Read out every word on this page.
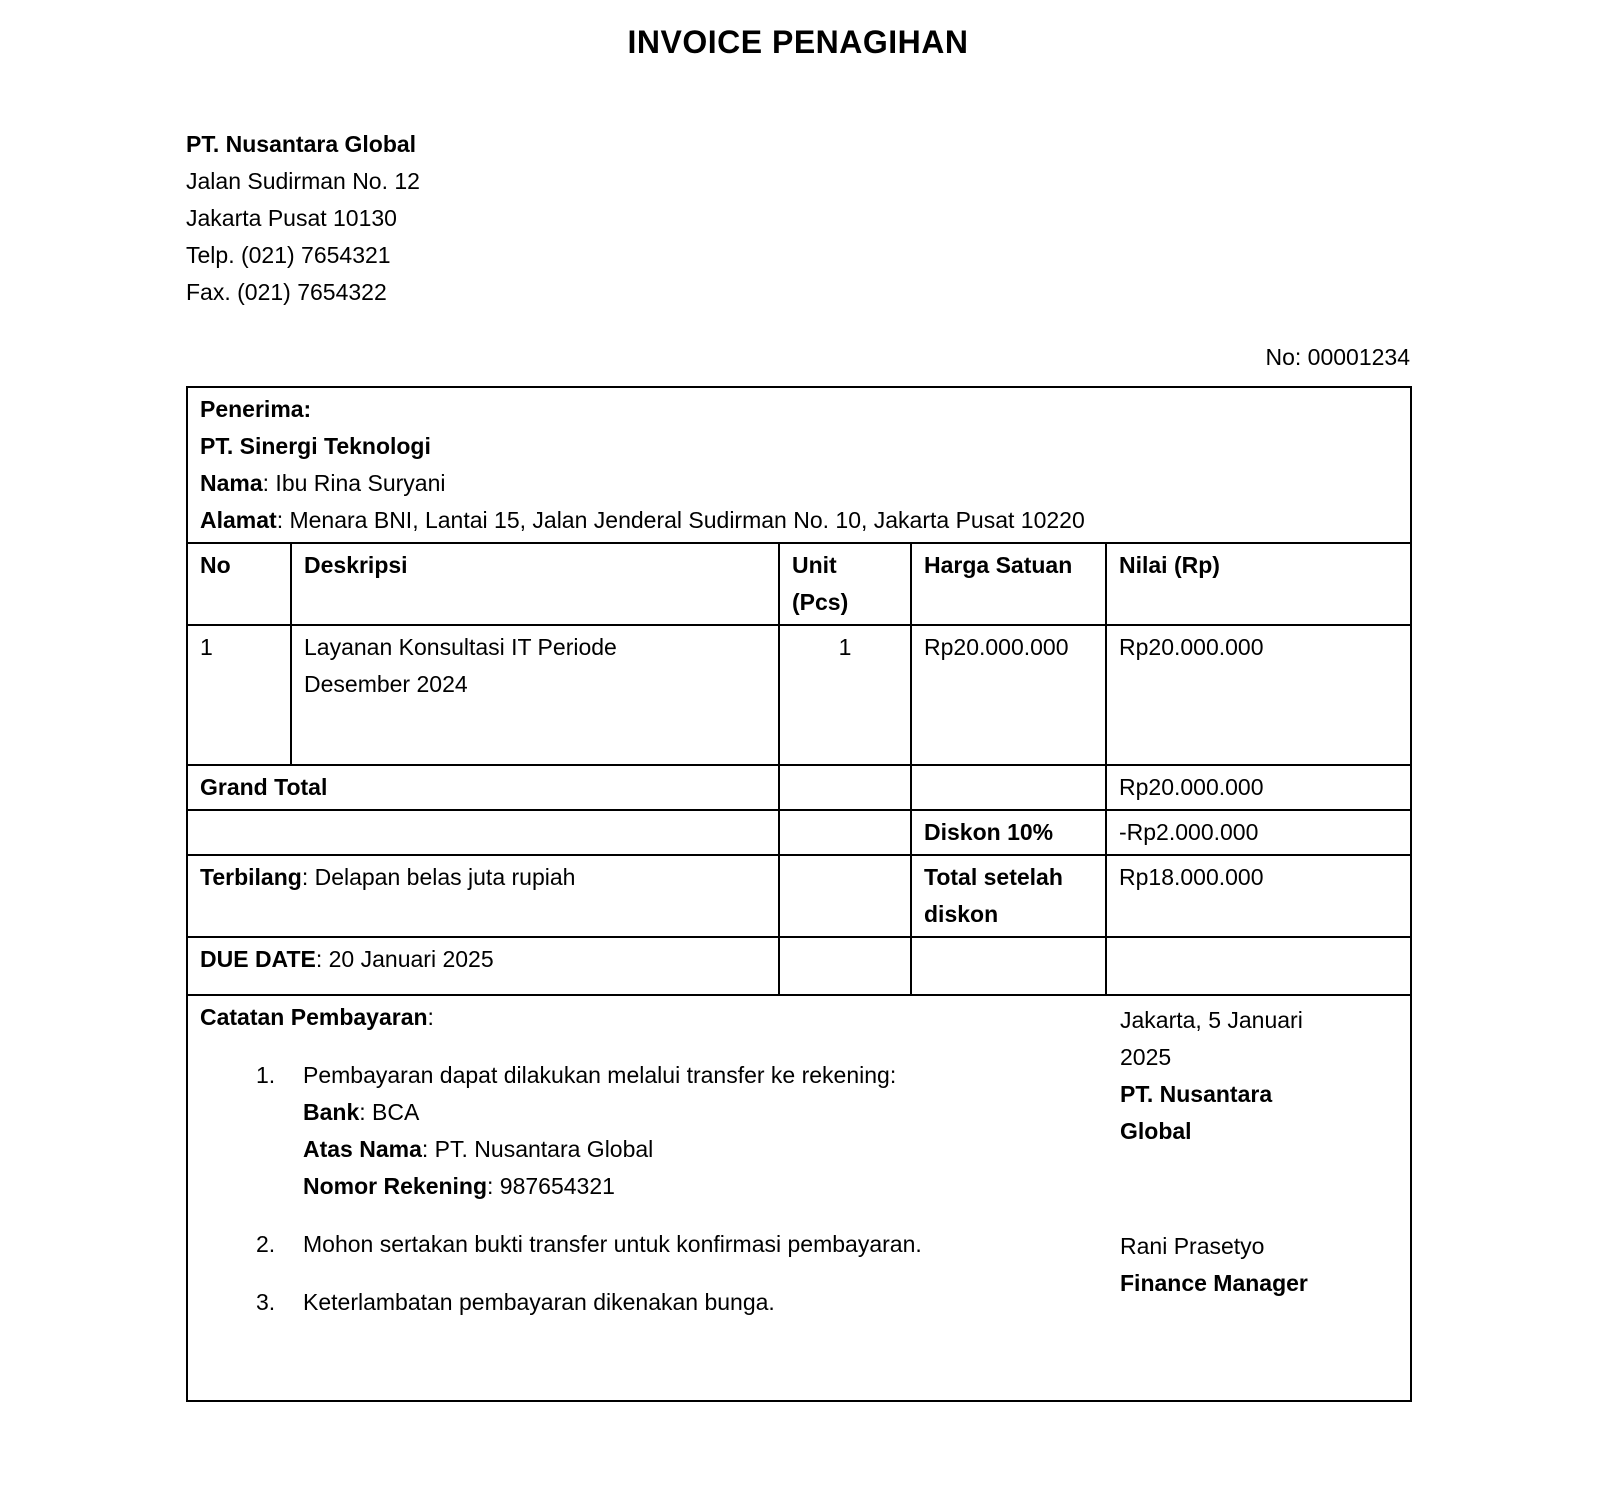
INVOICE PENAGIHAN
PT. Nusantara Global
Jalan Sudirman No. 12
Jakarta Pusat 10130
Telp. (021) 7654321
Fax. (021) 7654322
No: 00001234
Penerima:
PT. Sinergi Teknologi
Nama: Ibu Rina Suryani
Alamat: Menara BNI, Lantai 15, Jalan Jenderal Sudirman No. 10, Jakarta Pusat 10220				

No	Deskripsi	Unit (Pcs)	Harga Satuan	Nilai (Rp)
1	Layanan Konsultasi IT Periode Desember 2024	1	Rp20.000.000	Rp20.000.000
Grand Total				Rp20.000.000
			Diskon 10%	-Rp2.000.000
Terbilang: Delapan belas juta rupiah			Total setelah diskon	Rp18.000.000
DUE DATE: 20 Januari 2025				

Catatan Pembayaran:
1.	Pembayaran dapat dilakukan melalui transfer ke rekening:
Bank: BCA
Atas Nama: PT. Nusantara Global
Nomor Rekening: 987654321
2.	Mohon sertakan bukti transfer untuk konfirmasi pembayaran.
3.	Keterlambatan pembayaran dikenakan bunga.
Jakarta, 5 Januari 2025
PT. Nusantara Global
Rani Prasetyo
Finance Manager
